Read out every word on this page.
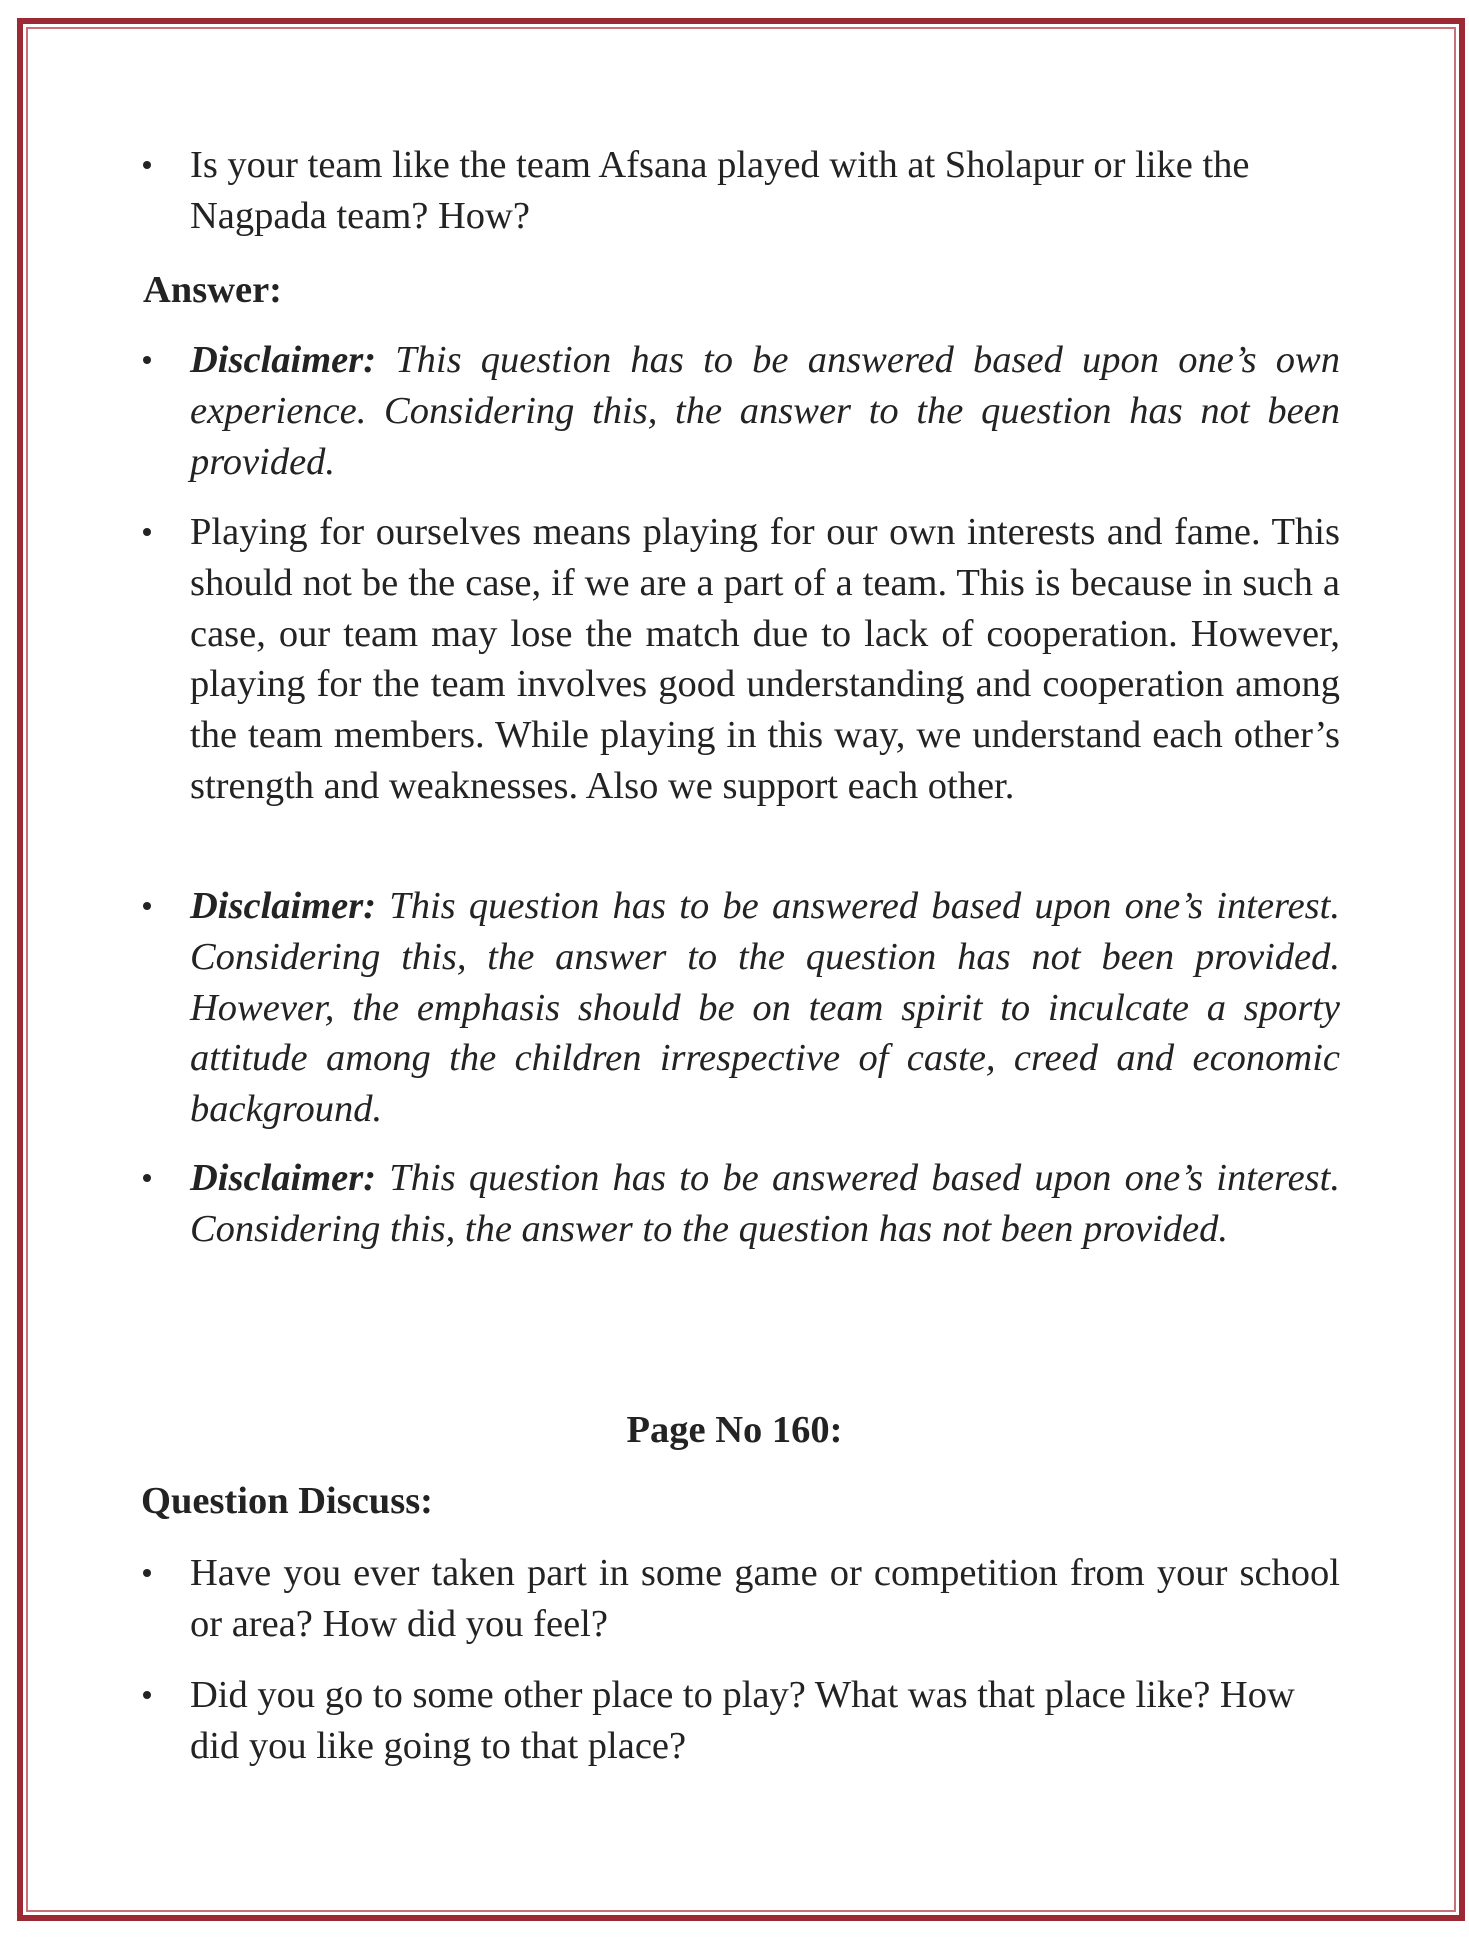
Is your team like the team Afsana played with at Sholapur or like the Nagpada team? How?
Answer:
Disclaimer: This question has to be answered based upon one’s own experience. Considering this, the answer to the question has not been provided.
Playing for ourselves means playing for our own interests and fame. This should not be the case, if we are a part of a team. This is because in such a case, our team may lose the match due to lack of cooperation. However, playing for the team involves good understanding and cooperation among the team members. While playing in this way, we understand each other’s strength and weaknesses. Also we support each other.
Disclaimer: This question has to be answered based upon one’s interest. Considering this, the answer to the question has not been provided. However, the emphasis should be on team spirit to inculcate a sporty attitude among the children irrespective of caste, creed and economic background.
Disclaimer: This question has to be answered based upon one’s interest. Considering this, the answer to the question has not been provided.
Page No 160:
Question Discuss:
Have you ever taken part in some game or competition from your school or area? How did you feel?
Did you go to some other place to play? What was that place like? How did you like going to that place?
